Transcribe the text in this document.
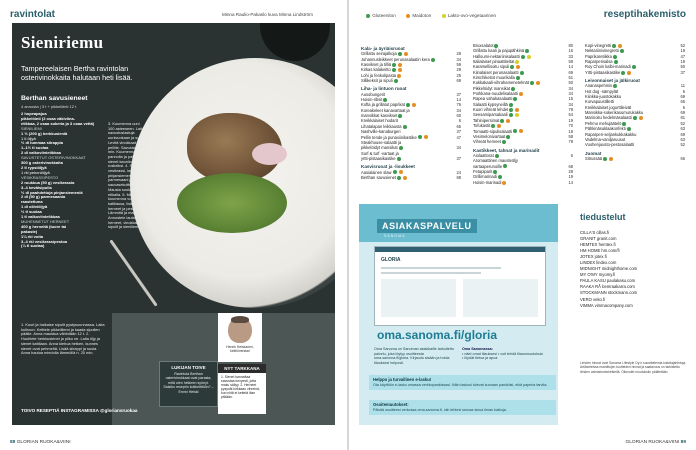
ravintolat	Minna Raulio-Pakaslo kuva Minna Lindström
Sieniriemu
Tampereelaisen Bertha ravintolan osterivinokkaita halutaan heti lisää.
Berthan savusieneet
4 annosta | 3 t + pikkelöinti 12 t
2 hopeapajua
pikkelöinti (2 osaa väkiviina-
etikkaa, 2 osaa sokeria ja 3 osaa vettä)
SIENILIEMI
1 ½ (200 g) herkkusieniä
1 tl öljyä
½ dl tummaa siirappia
1–1½ tl suolaa
2 dl valkoviinietikkaa
SAVUSTETUT OSTERIVINOKKAAT
300 g osterivinokkaita
2 tl rypsiöljyä
1 rkl pekoniöljyä
VESIKRASSIPESTO
2 ruukkua (50 g) vesikrassia
3–4 kevätsipulia
½ dl paahdettuja pinjansiemeniä
2 dl (50 g) parmesaania
raastettuna
1 dl oliiviöljyä
½ tl suolaa
1 tl valkoviinietikkaa
MUHENNETUT HERNEET
400 g herneitä (tuore tai
pakaste)
1¼ rkl voita
3–4 rkl vesikrassipestoa
(¼ tl suolaa)
1. Kuori ja halkaise sipulit pystysuunnassa. Laita kulhoon. Keittele pikkeliliemi ja kaada sipulien päälle. Anna maustua vähintään 12 t. 2. Huuhtele herkkusienet ja pilko ne. Laita öljy ja sienet kattilaan. Anna kiehua hetken, kunnes sienet ovat pehmeitä. Lisää siirappi ja suola. Anna hautua miedolla lämmöllä n. 20 min.
3. Kuumenna uuni 100 asteeseen. Laita savustuslastuja uunivuokaan ja sytytä. Levitä vinokkaat pellille. Savusta n. 20 min. Kuumenna öljy pannulla ja paista sienet kauniin ruskeiksi. 4. Soseuta vesikrassi, kevätsipuli, pinjansiemenet, parmesaani ja öljy sauvasekoittimella. Mausta suolalla ja etikalla. 5. Muhennos: kuumenna voi kattilassa, lisää herneet ja pesto. Lämmitä ja mausta. 6. Annostele lautaselle herneet, vinokkaat, sipulit ja sieniliemi.
TOIVO RESEPTIÄ INSTAGRAMISSA @gloriansruokaa
LUKIJAN TOIVE
Ravintola Berthan osterivinokkaat ovat parasta, mitä olen hetkeen syönyt. Saisiko reseptin kotikeittiöön? – Emmi Helski
Henrik Heiskanen, keittiömestari
NYT TARKKANA
1. Sienet kannattaa savustaa kevyesti, jotta maku säilyy. 2. Herneet pysyvät kirkkaan vihreinä, kun niitä ei keitetä liian pitkään.
88 GLORIAN RUOKA&VIINI
Gluteeniton	Maidoton	Lakto-ovo-vegetaarinen	reseptihakemisto
Kala- ja äyriäisruoat
Grillattu seirajalkoja	28
Juhannusleikkeet perunasalaatin kera	34
Kasvikset ja tilliä	59
Kirkas kalakeitto	29
Lohi ja fenkolipasta	25
Sillikeksit ja sipuli	69
Liha- ja lintuon ruoat
Ausobungerit	37
Hoisin-ribsit	14
Kofta ja grillatut paprikat	76
Koreakeleet kanavartaat ja	34
mansikkat kasvikset	60
Kreikkalaiset hodarit	6
Lihatalapan leikkausta	65
Nashville-kanaburgeri	37
Pellin tende ja punaviinikastike	47
Steakhouse-salaatti ja
pikkelöidyt mansikat	34
Surf & turf -vartaat ja
yrtti-pistaasikastike	37
Kasvisruoat ja -lisukkeet
Aasialainen slaw	24
Berthan savusienet	88
Bruxsalatot	80
Grillattu kaali ja pajupähkinä	16
Halloumi-nektariinisalaatti	33
Italialaiset pinaattiteltat	58
Karamellisoitu sipuli	14
Kiinalaiset perunasalaatti	69
Kimchikeitot muurikalla	51
Kukkakaali-vihrahamenetelmät	50
Pikkelöidyt mansikat	34
Porkkana-nuudelisalaatti	34
Rapea vahakasalaatti	15
Salaatti kypsyneillä	34
Kuori vihreät lehdet	78
Seesamiparsakaali	54
Tahinipersimat	19
Tofukastit	70
Tomaatti-sipulisalaatti	19
Vesimelonivartaat	58
Vihreät herneet	78
Kastikkeet, tahnat ja marinadit
Aiolaattorat	6
Aromaattinen mausteöljy
vartaaperunoille	68
Fetapiparit	28
Grillimarinadi	19
Hoisin-marinadi	14
Kopi-vinegretti	52
Nektariinivinegretti	19
Paprikaretiikka	47
Raparperisalsa	19
Roy Choin kalbi-marinadi	50
Yrtti-pistaasikastike	37
Leivonnaiset ja jälkiruoat
Ananaspehmis	11
Hot dog -sämpylät	6
Kiinkka-juustokakku	69
Korvapuustilletti	65
Kreikkalaiset jogurttileivät	6
Mansikka-sokerikasumurukakku	69
Marinoitu hedelmäsalaatti	81
Pehmo mehujäätelö	52
Pähkinäsuklaakonfekti	63
Raparperi-seljankukkakakku	69
Vadelma-vaniljaruusut	63
Vuohenjuusto-pestosalaatti	52
Juomat
Sitrussää	66
ASIAKASPALVELU
SANOMA
GLORIA
oma.sanoma.fi/gloria
Oma Sanoma on Sanoman asiakkaille tarkoitettu palvelu, joka löytyy osoitteesta oma.sanoma.fi/gloria. Kirjaudu sisään ja hoida tilauksesi helposti.
Oma Sanomassa:
• näet omat tilauksesi • voit tehdä tilausmuutoksia • löydät tietoa ja apua
Helppo ja turvallinen e-lasku!
Ota käyttöön e-lasku omassa verkkopankissasi. Näin laskusi tulevat suoraan pankkiisi, eikä paperia tarvita.
Osoitemuutokset:
Päivitä osoitteesi verkossa oma.sanoma.fi, niin lehtesi seuraa sinua ilman katkoja.
tiedustelut
CILLA'S cillas.fi
GRANIT granit.com
HEMTEX hemtex.fi
HM HOME hm.com/fi
JOTEX jotex.fi
LINDEX lindex.com
MIDNIGHT midnighthome.com
MY O'MY myomy.fi
PAULA KASU paulakasu.com
RAAKA RÅ bemraakarra.com
STOCKMANN stockmann.com
VERO veko.fi
VIMMA vimmacompany.com
Lehden hinnat ovat Sanoma Lifestyle Oy:n suosittelemia kuluttajahintoja. Artikkeleissa mainittujen tuotteiden hinnat ja saatavuus on tarkistettu lehden valmistumishetkellä. Oikeudet muutoksiin pidätetään.
GLORIAN RUOKA&VIINI 89
